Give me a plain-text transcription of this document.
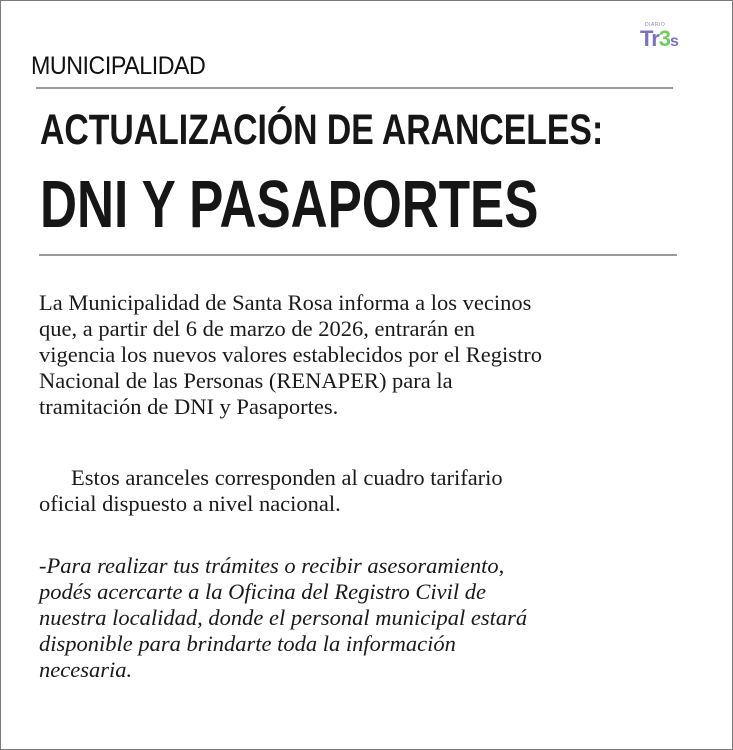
DIARIO
Tr3s
MUNICIPALIDAD
ACTUALIZACIÓN DE ARANCELES:
DNI Y PASAPORTES
La Municipalidad de Santa Rosa informa a los vecinos
que, a partir del 6 de marzo de 2026, entrarán en
vigencia los nuevos valores establecidos por el Registro
Nacional de las Personas (RENAPER) para la
tramitación de DNI y Pasaportes.
Estos aranceles corresponden al cuadro tarifario
oficial dispuesto a nivel nacional.
-Para realizar tus trámites o recibir asesoramiento,
podés acercarte a la Oficina del Registro Civil de
nuestra localidad, donde el personal municipal estará
disponible para brindarte toda la información
necesaria.
